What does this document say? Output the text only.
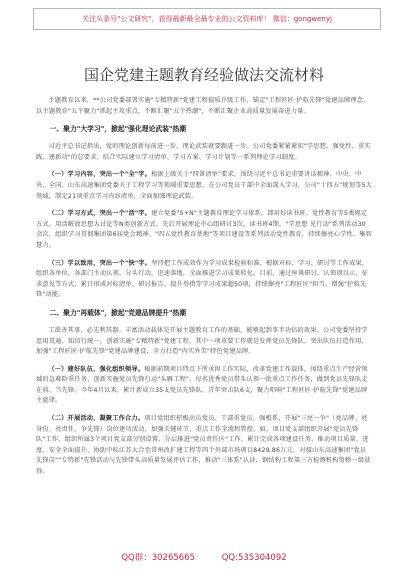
关注头条号"公文研究"，获得最新最全最专业的公文资料库！ 微信：gongwenyj
国企党建主题教育经验做法交流材料

主题教育以来，**公司党委部署实施"专精特新"党建工程提质升级工作，锚定"工程匠匠·护航先锋"党建品牌理念，以主题教育"五个聚力"抓起主攻重点，不断汇聚"五个热潮"，不断汇聚企业高质量发展奋进力量。

一、聚力"大学习"，掀起"强化理论武装"热潮

习近平总书记指出，党的理论创新每前进一步，理论武装就要跟进一步。公司党委紧紧紧扣"学思想、强党性、重实践、建新功"的总要求，结合实际建立学习清单、学习方案、学习计划等一系列理论学习制度。

（一）学习内容，突出一个"全"字。根据上级关于"四备清单"要求，围绕习近平总书记重要讲话精神、中央、中央、全国、山东高速集团党委关于工程学习等领域重要思想，在公司党员干部中全面深入学习，公司"十四五"规划等5大领域，制定21项重点学习内容清单，全面加强理论武装。

（二）学习方式，突出一个"活"字。建立党委"5+N"主题教育理论学习体系，即用好读书班、党性教育等5类规定方式，用活解放思想大讨论等N类创新方式。先后开展理论中心组研讨3次，读书班4期，"学思想 见行动"系列活动30余次，组织学习贯彻集团第6届党会精神、"四五党性教育基地"等项目建设等系列活动党性教育，持续擦亮心学性、集智慧力。

（三）学以致用，突出一个"快"字。坚持把工作成效作为学习成果检验标准，根据对标、学习、研讨等工作成果，组织各单位，各部门主动认领、分头行动，迅速落地，全面推进学习成果转化。目前，通过座谈研讨，认领项目示、征求意见等方式，累计形成对标清单、研讨报告、提升举措等学习成果超50项，持续擦亮"工程匠匠"担当、增强"护航先锋"动能。

二、聚力"再载体"，掀起"党建品牌提升"热潮

工欲善其事，必先利其器。丰富活动载体是开展主题教育工作的基础，能够起到事半功倍的效果。公司党委坚持学思用贯通、知信行统一，创新实施"专精特新"党建工程，其中一项重要工作就是发挥党员先锋队、突出队伍打造作用，加强"工程匠匠·护航先锋"党建品牌建设，全力打造"内实外美"特色党建品牌。

（一）建好队伍，强化组织领导。根据前期项目特点下所承担工作实际，改革党建工作载体，围绕重点生产经营领域的急难险重任务，创新实施党员先锋行动"头雁工程"，每名优秀党员带头认领一批重点工作任务，做到党员先锋队走在前、当先锋。今年4月以来，累计新成立35支党员先锋队、青年突击队6支，聚力唱响"工程匠匠·护航先锋"党建品牌主旋律。

（二）开展活动，凝聚工作合力。项目党组织积极动员党员、干部重党员、强根系，开展"三亮一争"（亮品牌、亮身份、亮责任、争先锋）岗位建功活动，加强关键环节、重点工作全流程管控。如，项目党支部组织开展"党员先锋队"工作，组织所属3个项目党支部分别设置，分层推进"党员责任区"工作，累计完成各项建设任务，推动项目质量、进度、安全全面提升，协助中标江苏大合至常州改扩建工程等四个外部市场项目8429.86万元，对接山东高速集团"党员先锋岗""专特新"先锋活动与先锋带头高质量发展评估工作，推动"三体系"认证，钢结构工程第三方检测机构资格一级获得。

QQ群：30265665	QQ:535304092
